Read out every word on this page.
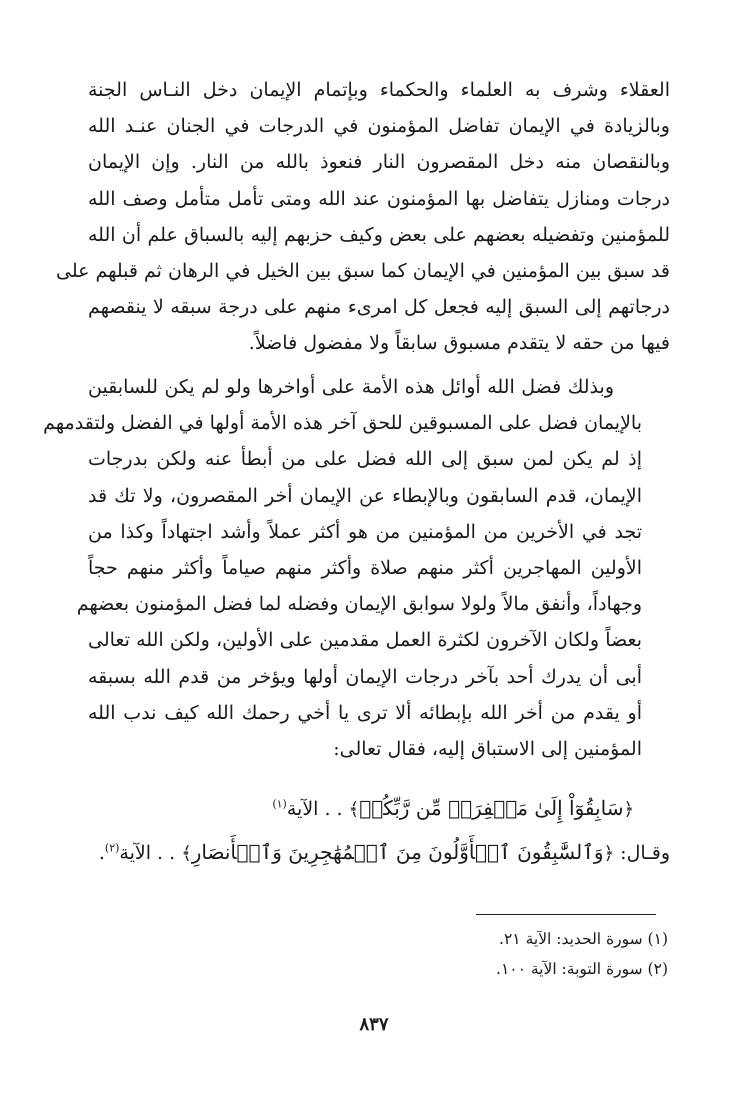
العقلاء وشرف به العلماء والحكماء وبإتمام الإيمان دخل النـاس الجنة
وبالزيادة في الإيمان تفاضل المؤمنون في الدرجات في الجنان عنـد الله
وبالنقصان منه دخل المقصرون النار فنعوذ بالله من النار. وإن الإيمان
درجات ومنازل يتفاضل بها المؤمنون عند الله ومتى تأمل متأمل وصف الله
للمؤمنين وتفضيله بعضهم على بعض وكيف حزبهم إليه بالسباق علم أن الله
قد سبق بين المؤمنين في الإيمان كما سبق بين الخيل في الرهان ثم قبلهم على
درجاتهم إلى السبق إليه فجعل كل امرىء منهم على درجة سبقه لا ينقصهم
فيها من حقه لا يتقدم مسبوق سابقاً ولا مفضول فاضلاً.
وبذلك فضل الله أوائل هذه الأمة على أواخرها ولو لم يكن للسابقين
بالإيمان فضل على المسبوقين للحق آخر هذه الأمة أولها في الفضل ولتقدمهم
إذ لم يكن لمن سبق إلى الله فضل على من أبطأ عنه ولكن بدرجات
الإيمان، قدم السابقون وبالإبطاء عن الإيمان أخر المقصرون، ولا تك قد
تجد في الأخرين من المؤمنين من هو أكثر عملاً وأشد اجتهاداً وكذا من
الأولين المهاجرين أكثر منهم صلاة وأكثر منهم صياماً وأكثر منهم حجاً
وجهاداً، وأنفق مالاً ولولا سوابق الإيمان وفضله لما فضل المؤمنون بعضهم
بعضاً ولكان الآخرون لكثرة العمل مقدمين على الأولين، ولكن الله تعالى
أبى أن يدرك أحد بآخر درجات الإيمان أولها ويؤخر من قدم الله بسبقه
أو يقدم من أخر الله بإبطائه ألا ترى يا أخي رحمك الله كيف ندب الله
المؤمنين إلى الاستباق إليه، فقال تعالى:
﴿سَابِقُوٓاْ إِلَىٰ مَغۡفِرَةٖ مِّن رَّبِّكُمۡ﴾ . . الآية$^{(١)}$
وقـال: ﴿وَٱلسَّٰبِقُونَ ٱلۡأَوَّلُونَ مِنَ ٱلۡمُهَٰجِرِينَ وَٱلۡأَنصَارِ﴾ . . الآية$^{(٢)}$.
(١) سورة الحديد: الآية ٢١.
(٢) سورة التوبة: الآية ١٠٠.
٨٣٧
